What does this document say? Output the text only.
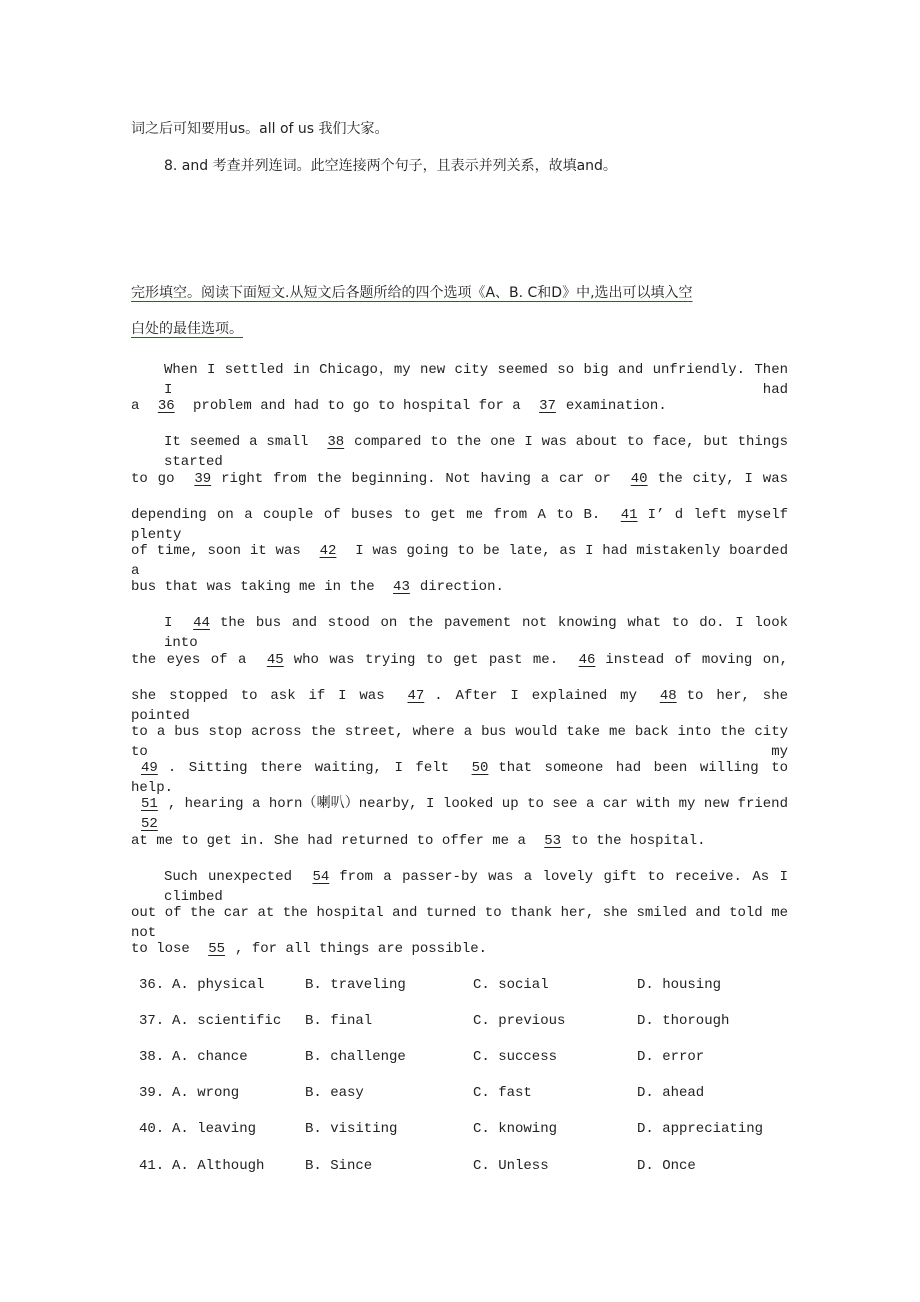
词之后可知要用us。all of us 我们大家。
8. and 考查并列连词。此空连接两个句子，且表示并列关系，故填and。
完形填空。阅读下面短文.从短文后各题所给的四个选项《A、B. C和D》中,选出可以填入空
白处的最佳选项。
When I settled in Chicago，my new city seemed so big and unfriendly. Then I had
a 36 problem and had to go to hospital for a 37 examination.
It seemed a small 38 compared to the one I was about to face, but things started
to go 39 right from the beginning. Not having a car or 40 the city, I was
depending on a couple of buses to get me from A to B. 41 I’ d left myself plenty
of time, soon it was 42 I was going to be late, as I had mistakenly boarded a
bus that was taking me in the 43 direction.
I 44 the bus and stood on the pavement not knowing what to do. I look into
the eyes of a 45 who was trying to get past me. 46 instead of moving on,
she stopped to ask if I was 47 . After I explained my 48 to her, she pointed
to a bus stop across the street, where a bus would take me back into the city to my
49 . Sitting there waiting, I felt 50 that someone had been willing to help.
51 , hearing a horn（喇叭）nearby, I looked up to see a car with my new friend 52
at me to get in. She had returned to offer me a 53 to the hospital.
Such unexpected 54 from a passer-by was a lovely gift to receive. As I climbed
out of the car at the hospital and turned to thank her, she smiled and told me not
to lose 55 , for all things are possible.
36. A. physical	B. traveling	C. social	D. housing
37. A. scientific B. final	C. previous	D. thorough
38. A. chance	B. challenge	C. success	D. error
39. A. wrong	B. easy	C. fast	D. ahead
40. A. leaving	B. visiting	C. knowing	D. appreciating
41. A. Although	B. Since	C. Unless	D. Once
